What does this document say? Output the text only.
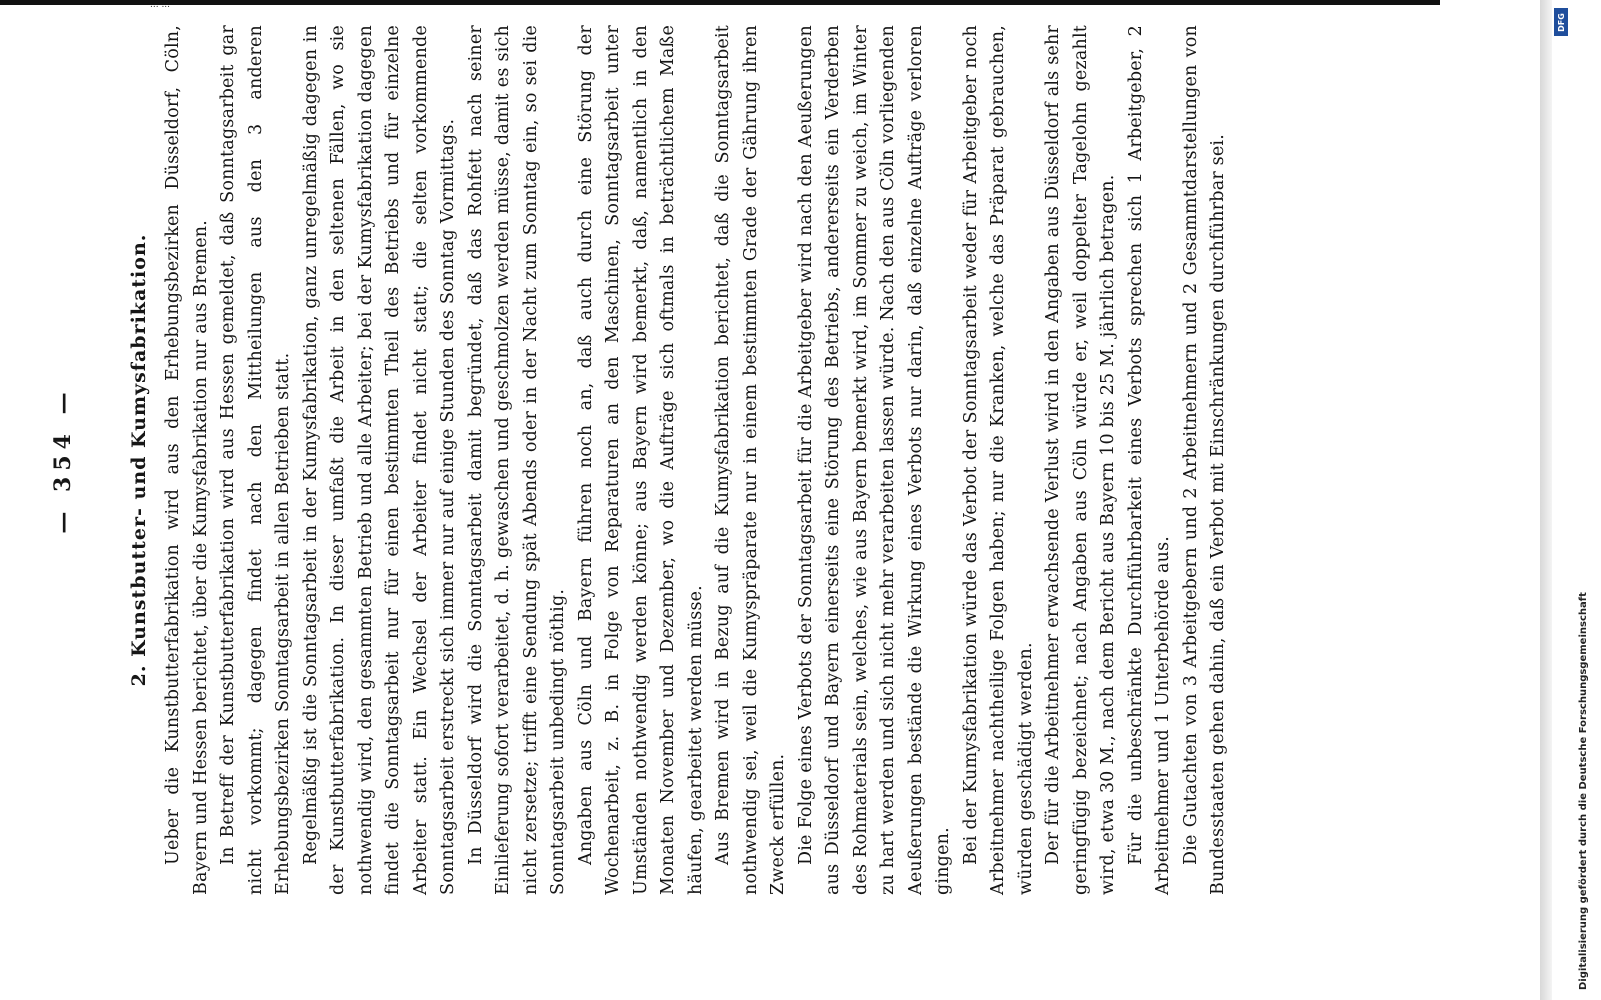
... ...
— 354 —	2. Kunstbutter- und Kumysfabrikation. Ueber die Kunstbutterfabrikation wird aus den Erhebungsbezirken Düsseldorf, Cöln, Bayern und Hessen berichtet, über die Kumysfabrikation nur aus Bremen. In Betreff der Kunstbutterfabrikation wird aus Hessen gemeldet, daß Sonntagsarbeit gar nicht vorkommt; dagegen findet nach den Mittheilungen aus den 3 anderen Erhebungsbezirken Sonntagsarbeit in allen Betrieben statt. Regelmäßig ist die Sonntagsarbeit in der Kumysfabrikation, ganz unregelmäßig dagegen in der Kunstbutterfabrikation. In dieser umfaßt die Arbeit in den seltenen Fällen, wo sie nothwendig wird, den gesammten Betrieb und alle Arbeiter; bei der Kumysfabrikation dagegen findet die Sonntagsarbeit nur für einen bestimmten Theil des Betriebs und für einzelne Arbeiter statt. Ein Wechsel der Arbeiter findet nicht statt; die selten vorkommende Sonntagsarbeit erstreckt sich immer nur auf einige Stunden des Sonntag Vormittags. In Düsseldorf wird die Sonntagsarbeit damit begründet, daß das Rohfett nach seiner Einlieferung sofort verarbeitet, d. h. gewaschen und geschmolzen werden müsse, damit es sich nicht zersetze; trifft eine Sendung spät Abends oder in der Nacht zum Sonntag ein, so sei die Sonntagsarbeit unbedingt nöthig. Angaben aus Cöln und Bayern führen noch an, daß auch durch eine Störung der Wochenarbeit, z. B. in Folge von Reparaturen an den Maschinen, Sonntagsarbeit unter Umständen nothwendig werden könne; aus Bayern wird bemerkt, daß, namentlich in den Monaten November und Dezember, wo die Aufträge sich oftmals in beträchtlichem Maße häufen, gearbeitet werden müsse. Aus Bremen wird in Bezug auf die Kumysfabrikation berichtet, daß die Sonntagsarbeit nothwendig sei, weil die Kumyspräparate nur in einem bestimmten Grade der Gährung ihren Zweck erfüllen. Die Folge eines Verbots der Sonntagsarbeit für die Arbeitgeber wird nach den Aeußerungen aus Düsseldorf und Bayern einerseits eine Störung des Betriebs, andererseits ein Verderben des Rohmaterials sein, welches, wie aus Bayern bemerkt wird, im Sommer zu weich, im Winter zu hart werden und sich nicht mehr verarbeiten lassen würde. Nach den aus Cöln vorliegenden Aeußerungen bestände die Wirkung eines Verbots nur darin, daß einzelne Aufträge verloren gingen. Bei der Kumysfabrikation würde das Verbot der Sonntagsarbeit weder für Arbeitgeber noch Arbeitnehmer nachtheilige Folgen haben; nur die Kranken, welche das Präparat gebrauchen, würden geschädigt werden. Der für die Arbeitnehmer erwachsende Verlust wird in den Angaben aus Düsseldorf als sehr geringfügig bezeichnet; nach Angaben aus Cöln würde er, weil doppelter Tagelohn gezahlt wird, etwa 30 M., nach dem Bericht aus Bayern 10 bis 25 M. jährlich betragen. Für die unbeschränkte Durchführbarkeit eines Verbots sprechen sich 1 Arbeitgeber, 2 Arbeitnehmer und 1 Unterbehörde aus. Die Gutachten von 3 Arbeitgebern und 2 Arbeitnehmern und 2 Gesammtdarstellungen von Bundesstaaten gehen dahin, daß ein Verbot mit Einschränkungen durchführbar sei.	Digitalisierung gefördert durch die Deutsche Forschungsgemeinschaft
DFG
